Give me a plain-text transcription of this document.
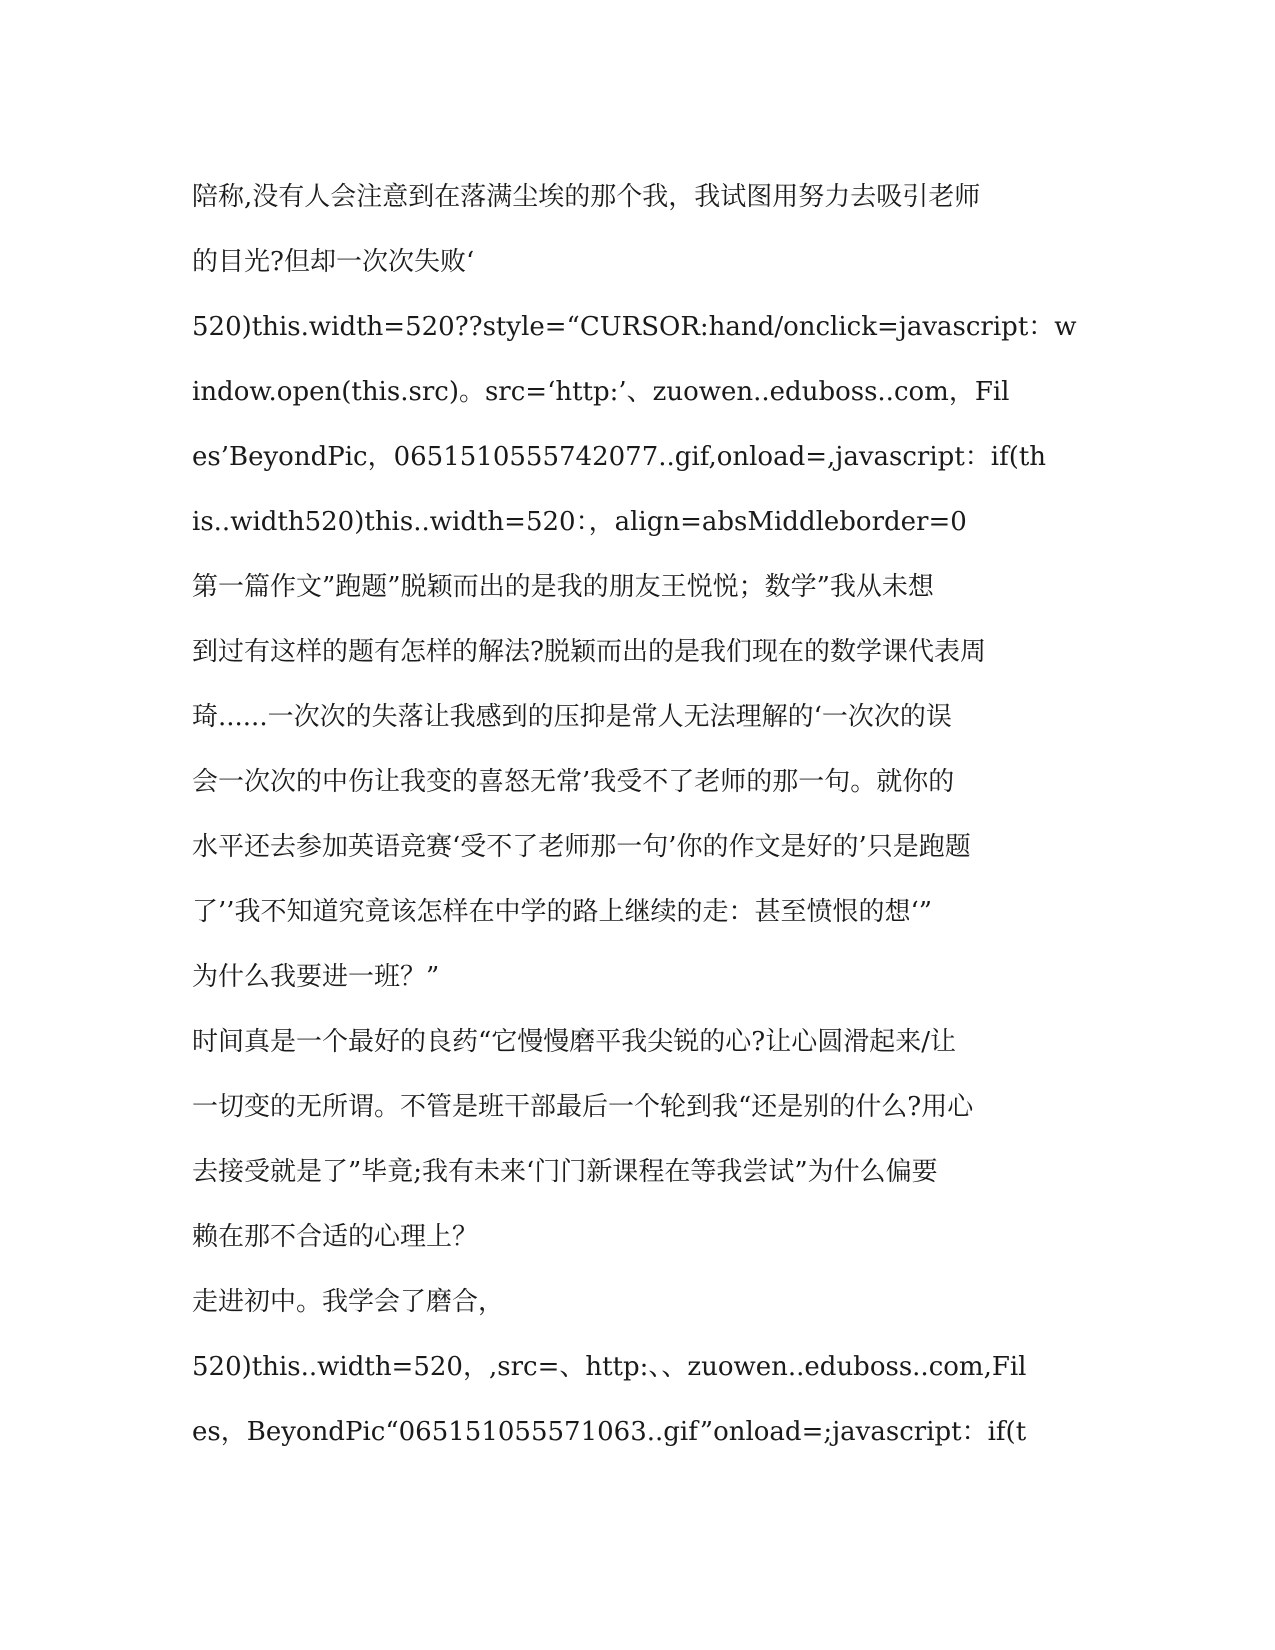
陪称,没有人会注意到在落满尘埃的那个我，我试图用努力去吸引老师
的目光?但却一次次失败‘
520)this.width=520??style=“CURSOR:hand/onclick=javascript：w
indow.open(this.src)。src=‘http:’、zuowen..eduboss..com，Fil
es’BeyondPic，0651510555742077..gif,onload=,javascript：if(th
is..width520)this..width=520：，align=absMiddleborder=0
第一篇作文”跑题”脱颖而出的是我的朋友王悦悦；数学”我从未想
到过有这样的题有怎样的解法?脱颖而出的是我们现在的数学课代表周
琦......一次次的失落让我感到的压抑是常人无法理解的‘一次次的误
会一次次的中伤让我变的喜怒无常’我受不了老师的那一句。就你的
水平还去参加英语竞赛‘受不了老师那一句’你的作文是好的’只是跑题
了’’我不知道究竟该怎样在中学的路上继续的走：甚至愤恨的想‘”
为什么我要进一班？”
时间真是一个最好的良药“它慢慢磨平我尖锐的心?让心圆滑起来/让
一切变的无所谓。不管是班干部最后一个轮到我“还是别的什么?用心
去接受就是了”毕竟;我有未来‘门门新课程在等我尝试”为什么偏要
赖在那不合适的心理上？
走进初中。我学会了磨合，
520)this..width=520，,src=、http:、、zuowen..eduboss..com,Fil
es，BeyondPic“065151055571063..gif”onload=;javascript：if(t
